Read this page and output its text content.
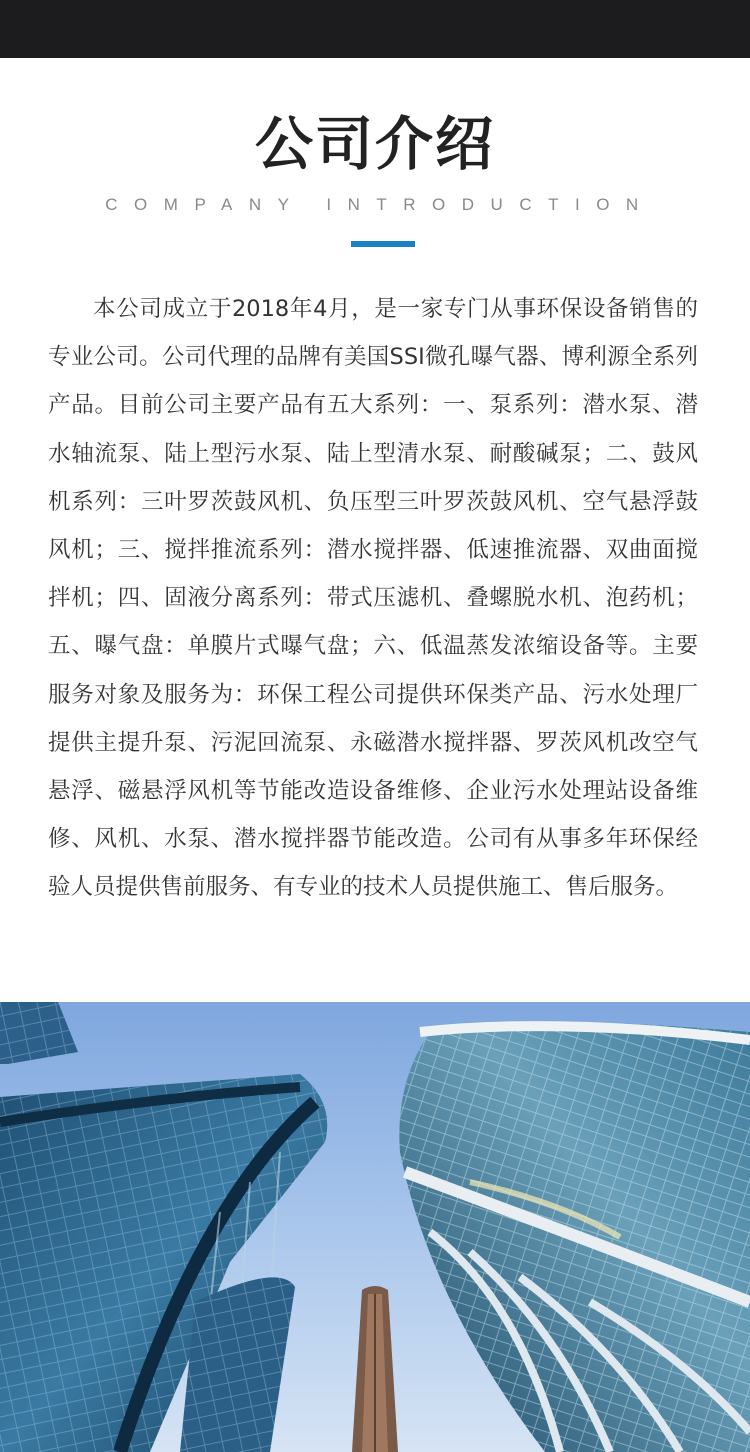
公司介绍
COMPANY INTRODUCTION

本公司成立于2018年4月，是一家专门从事环保设备销售的专业公司。公司代理的品牌有美国SSI微孔曝气器、博利源全系列产品。目前公司主要产品有五大系列：一、泵系列：潜水泵、潜水轴流泵、陆上型污水泵、陆上型清水泵、耐酸碱泵；二、鼓风机系列：三叶罗茨鼓风机、负压型三叶罗茨鼓风机、空气悬浮鼓风机；三、搅拌推流系列：潜水搅拌器、低速推流器、双曲面搅拌机；四、固液分离系列：带式压滤机、叠螺脱水机、泡药机；五、曝气盘：单膜片式曝气盘；六、低温蒸发浓缩设备等。主要服务对象及服务为：环保工程公司提供环保类产品、污水处理厂提供主提升泵、污泥回流泵、永磁潜水搅拌器、罗茨风机改空气悬浮、磁悬浮风机等节能改造设备维修、企业污水处理站设备维修、风机、水泵、潜水搅拌器节能改造。公司有从事多年环保经验人员提供售前服务、有专业的技术人员提供施工、售后服务。
